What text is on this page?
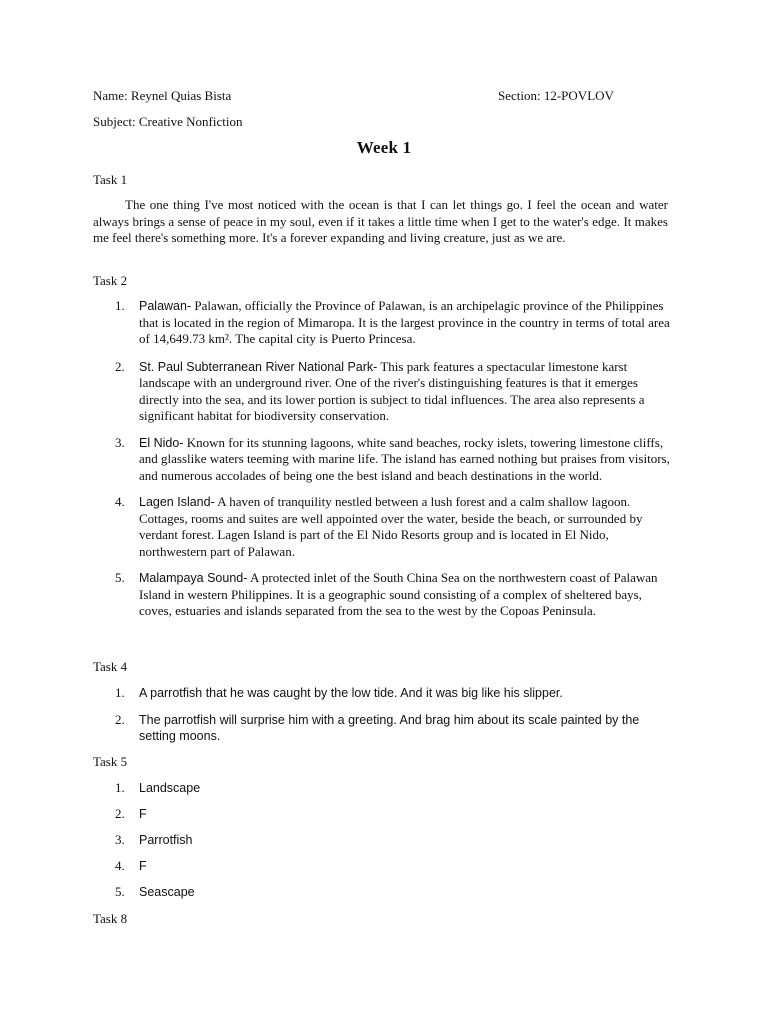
Name: Reynel Quias Bista	Section: 12-POVLOV
Subject: Creative Nonfiction
Week 1
Task 1
The one thing I've most noticed with the ocean is that I can let things go. I feel the ocean and water always brings a sense of peace in my soul, even if it takes a little time when I get to the water's edge. It makes me feel there's something more. It's a forever expanding and living creature, just as we are.
Task 2
1. Palawan- Palawan, officially the Province of Palawan, is an archipelagic province of the Philippines that is located in the region of Mimaropa. It is the largest province in the country in terms of total area of 14,649.73 km². The capital city is Puerto Princesa.
2. St. Paul Subterranean River National Park- This park features a spectacular limestone karst landscape with an underground river. One of the river's distinguishing features is that it emerges directly into the sea, and its lower portion is subject to tidal influences. The area also represents a significant habitat for biodiversity conservation.
3. El Nido- Known for its stunning lagoons, white sand beaches, rocky islets, towering limestone cliffs, and glasslike waters teeming with marine life. The island has earned nothing but praises from visitors, and numerous accolades of being one the best island and beach destinations in the world.
4. Lagen Island- A haven of tranquility nestled between a lush forest and a calm shallow lagoon. Cottages, rooms and suites are well appointed over the water, beside the beach, or surrounded by verdant forest. Lagen Island is part of the El Nido Resorts group and is located in El Nido, northwestern part of Palawan.
5. Malampaya Sound- A protected inlet of the South China Sea on the northwestern coast of Palawan Island in western Philippines. It is a geographic sound consisting of a complex of sheltered bays, coves, estuaries and islands separated from the sea to the west by the Copoas Peninsula.
Task 4
1. A parrotfish that he was caught by the low tide. And it was big like his slipper.
2. The parrotfish will surprise him with a greeting. And brag him about its scale painted by the setting moons.
Task 5
1. Landscape
2. F
3. Parrotfish
4. F
5. Seascape
Task 8
